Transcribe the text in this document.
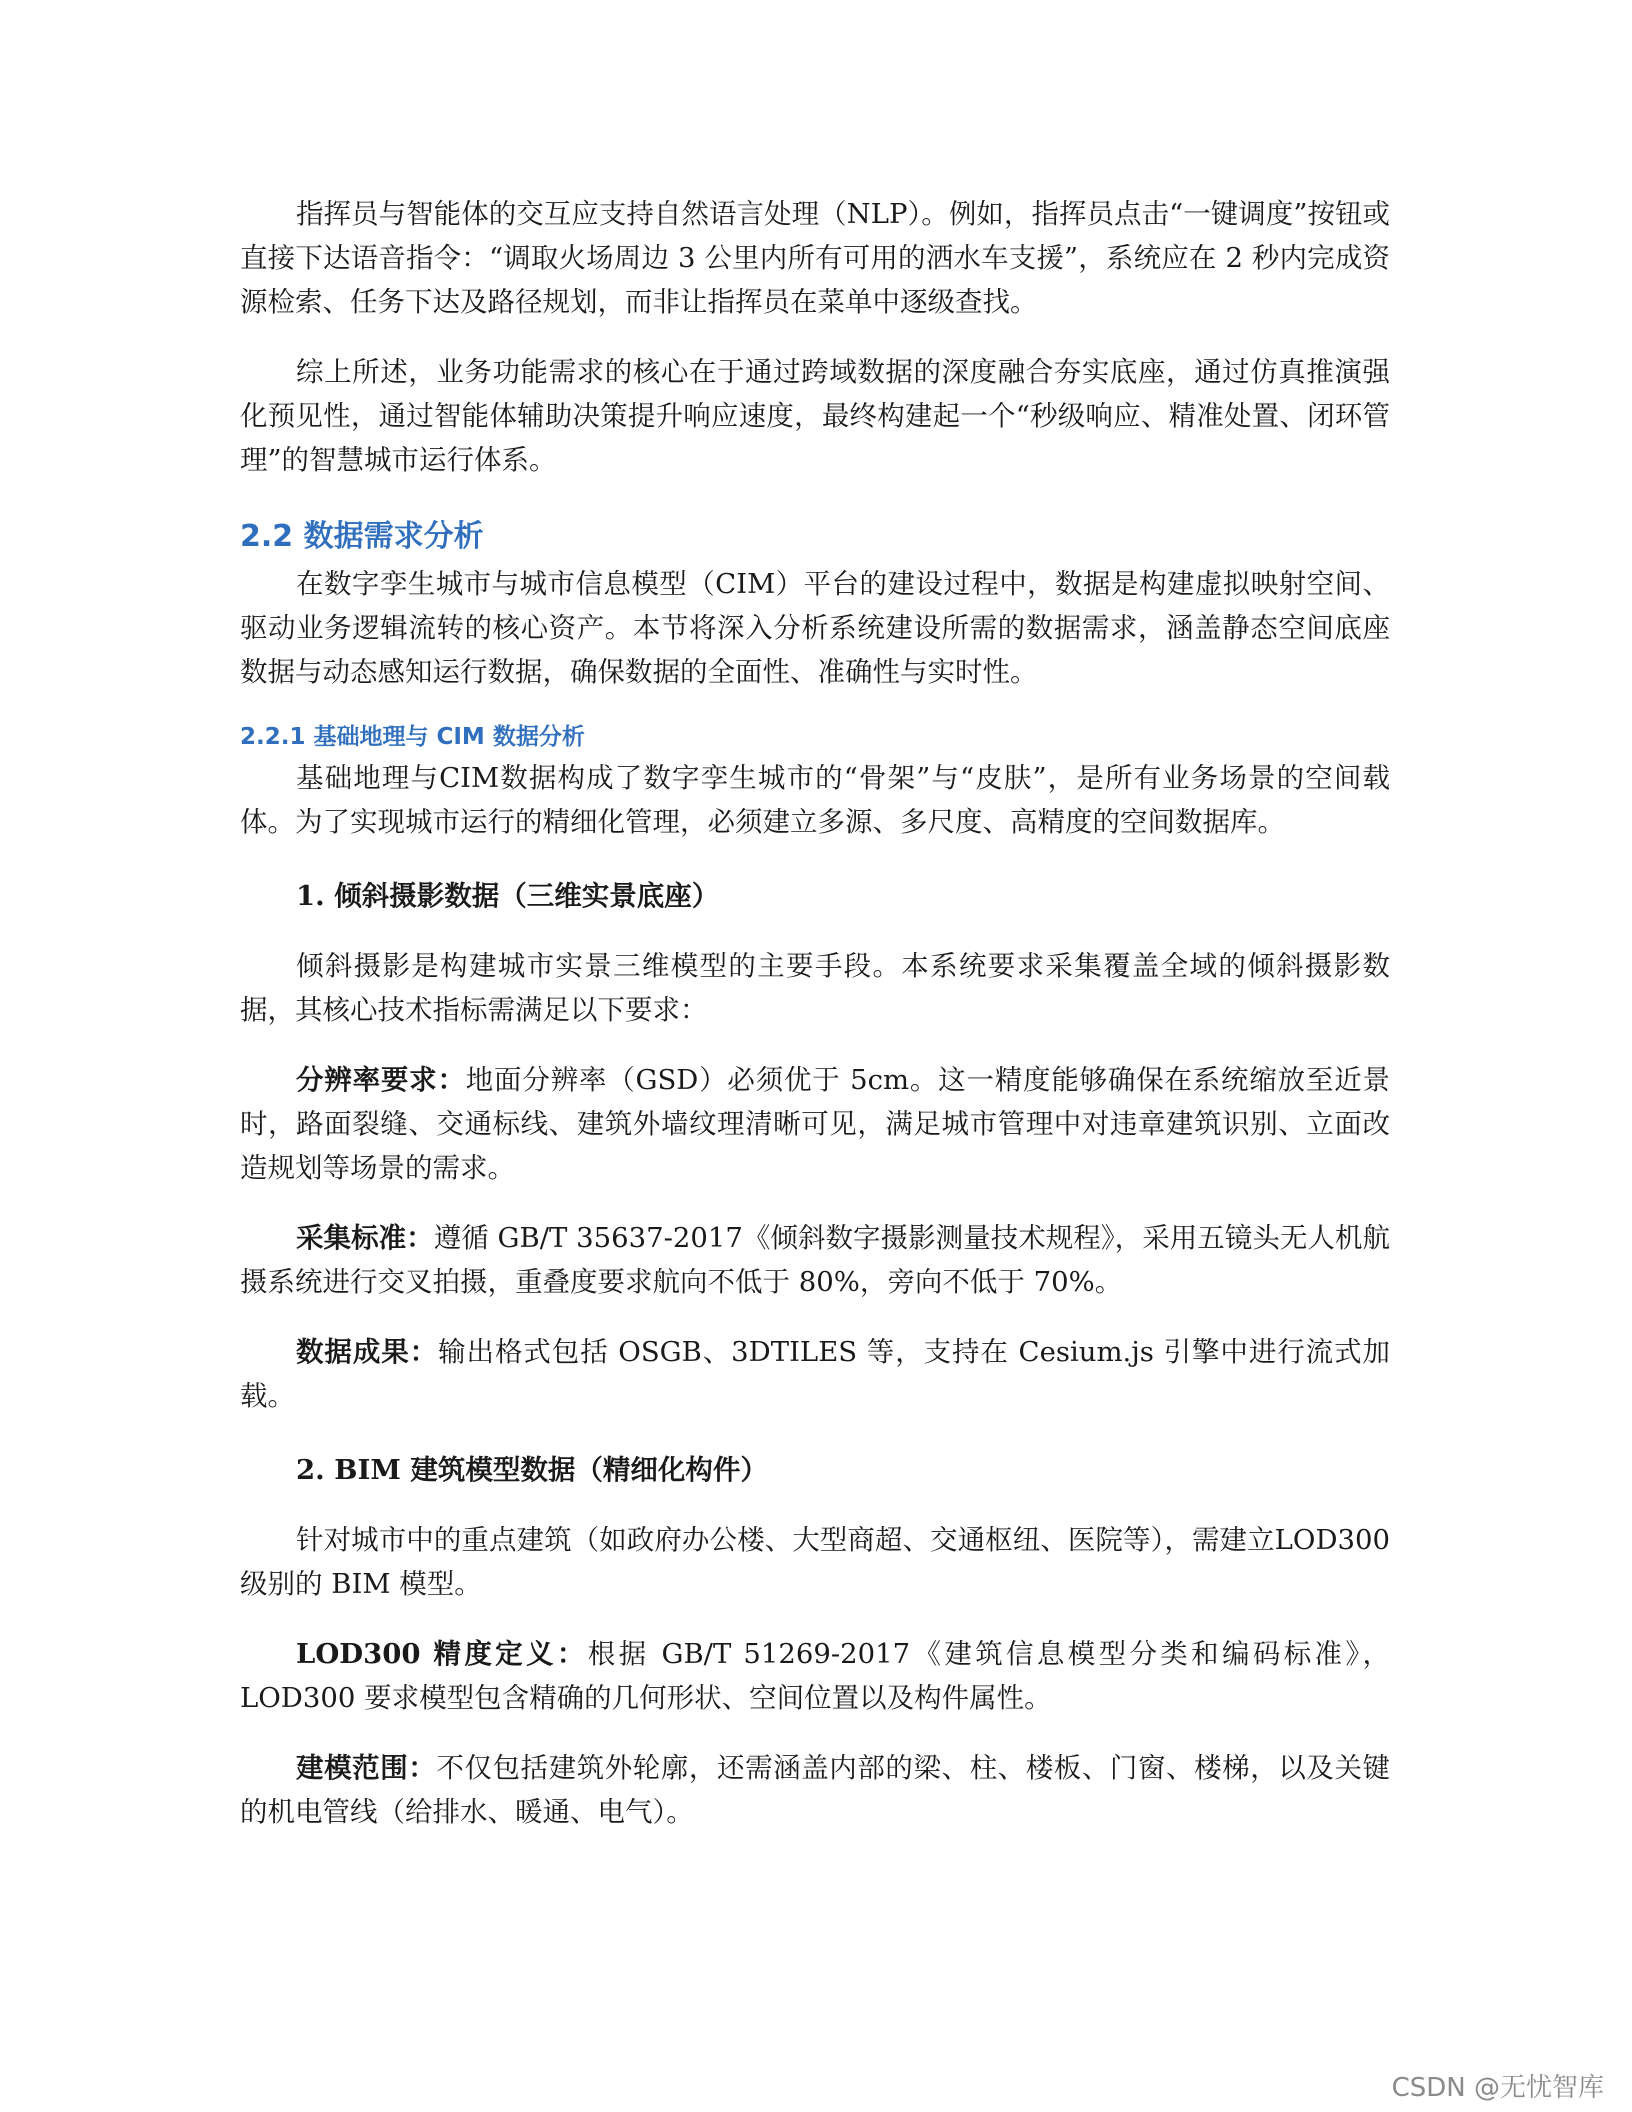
指挥员与智能体的交互应支持自然语言处理（NLP）。例如，指挥员点击“一键调度”按钮或直接下达语音指令：“调取火场周边 3 公里内所有可用的洒水车支援”，系统应在 2 秒内完成资源检索、任务下达及路径规划，而非让指挥员在菜单中逐级查找。

综上所述，业务功能需求的核心在于通过跨域数据的深度融合夯实底座，通过仿真推演强化预见性，通过智能体辅助决策提升响应速度，最终构建起一个“秒级响应、精准处置、闭环管理”的智慧城市运行体系。

2.2 数据需求分析

在数字孪生城市与城市信息模型（CIM）平台的建设过程中，数据是构建虚拟映射空间、驱动业务逻辑流转的核心资产。本节将深入分析系统建设所需的数据需求，涵盖静态空间底座数据与动态感知运行数据，确保数据的全面性、准确性与实时性。

2.2.1 基础地理与 CIM 数据分析

基础地理与CIM数据构成了数字孪生城市的“骨架”与“皮肤”，是所有业务场景的空间载体。为了实现城市运行的精细化管理，必须建立多源、多尺度、高精度的空间数据库。

1. 倾斜摄影数据（三维实景底座）

倾斜摄影是构建城市实景三维模型的主要手段。本系统要求采集覆盖全域的倾斜摄影数据，其核心技术指标需满足以下要求：

分辨率要求：地面分辨率（GSD）必须优于 5cm。这一精度能够确保在系统缩放至近景时，路面裂缝、交通标线、建筑外墙纹理清晰可见，满足城市管理中对违章建筑识别、立面改造规划等场景的需求。

采集标准：遵循 GB/T 35637-2017《倾斜数字摄影测量技术规程》，采用五镜头无人机航摄系统进行交叉拍摄，重叠度要求航向不低于 80%，旁向不低于 70%。

数据成果：输出格式包括 OSGB、3DTILES 等，支持在 Cesium.js 引擎中进行流式加载。

2. BIM 建筑模型数据（精细化构件）

针对城市中的重点建筑（如政府办公楼、大型商超、交通枢纽、医院等），需建立LOD300 级别的 BIM 模型。

LOD300 精度定义：根据 GB/T 51269-2017《建筑信息模型分类和编码标准》，LOD300 要求模型包含精确的几何形状、空间位置以及构件属性。

建模范围：不仅包括建筑外轮廓，还需涵盖内部的梁、柱、楼板、门窗、楼梯，以及关键的机电管线（给排水、暖通、电气）。

CSDN @无忧智库
